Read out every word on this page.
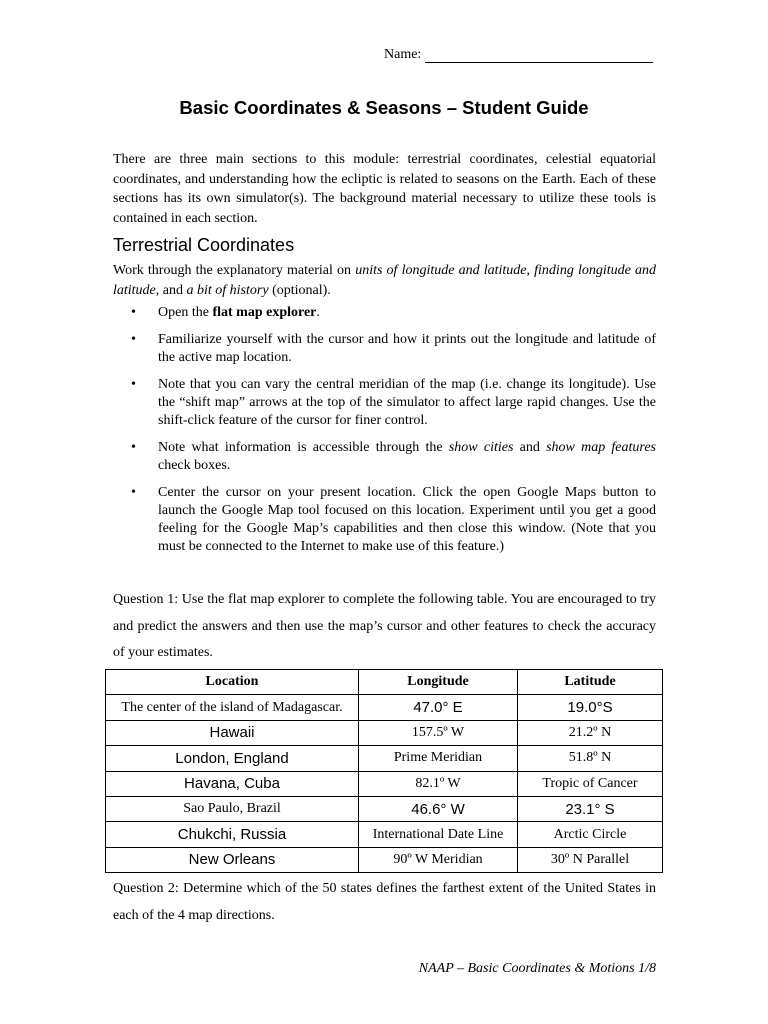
Name:
Basic Coordinates & Seasons – Student Guide
There are three main sections to this module: terrestrial coordinates, celestial equatorial coordinates, and understanding how the ecliptic is related to seasons on the Earth. Each of these sections has its own simulator(s). The background material necessary to utilize these tools is contained in each section.
Terrestrial Coordinates
Work through the explanatory material on units of longitude and latitude, finding longitude and latitude, and a bit of history (optional).
• Open the flat map explorer.
• Familiarize yourself with the cursor and how it prints out the longitude and latitude of the active map location.
• Note that you can vary the central meridian of the map (i.e. change its longitude). Use the “shift map” arrows at the top of the simulator to affect large rapid changes. Use the shift-click feature of the cursor for finer control.
• Note what information is accessible through the show cities and show map features check boxes.
• Center the cursor on your present location. Click the open Google Maps button to launch the Google Map tool focused on this location. Experiment until you get a good feeling for the Google Map’s capabilities and then close this window. (Note that you must be connected to the Internet to make use of this feature.)
Question 1: Use the flat map explorer to complete the following table. You are encouraged to try and predict the answers and then use the map’s cursor and other features to check the accuracy of your estimates.
Location	Longitude	Latitude
The center of the island of Madagascar.	47.0° E	19.0°S
Hawaii	157.5º W	21.2º N
London, England	Prime Meridian	51.8º N
Havana, Cuba	82.1º W	Tropic of Cancer
Sao Paulo, Brazil	46.6° W	23.1° S
Chukchi, Russia	International Date Line	Arctic Circle
New Orleans	90º W Meridian	30º N Parallel
Question 2: Determine which of the 50 states defines the farthest extent of the United States in each of the 4 map directions.
NAAP – Basic Coordinates & Motions 1/8
